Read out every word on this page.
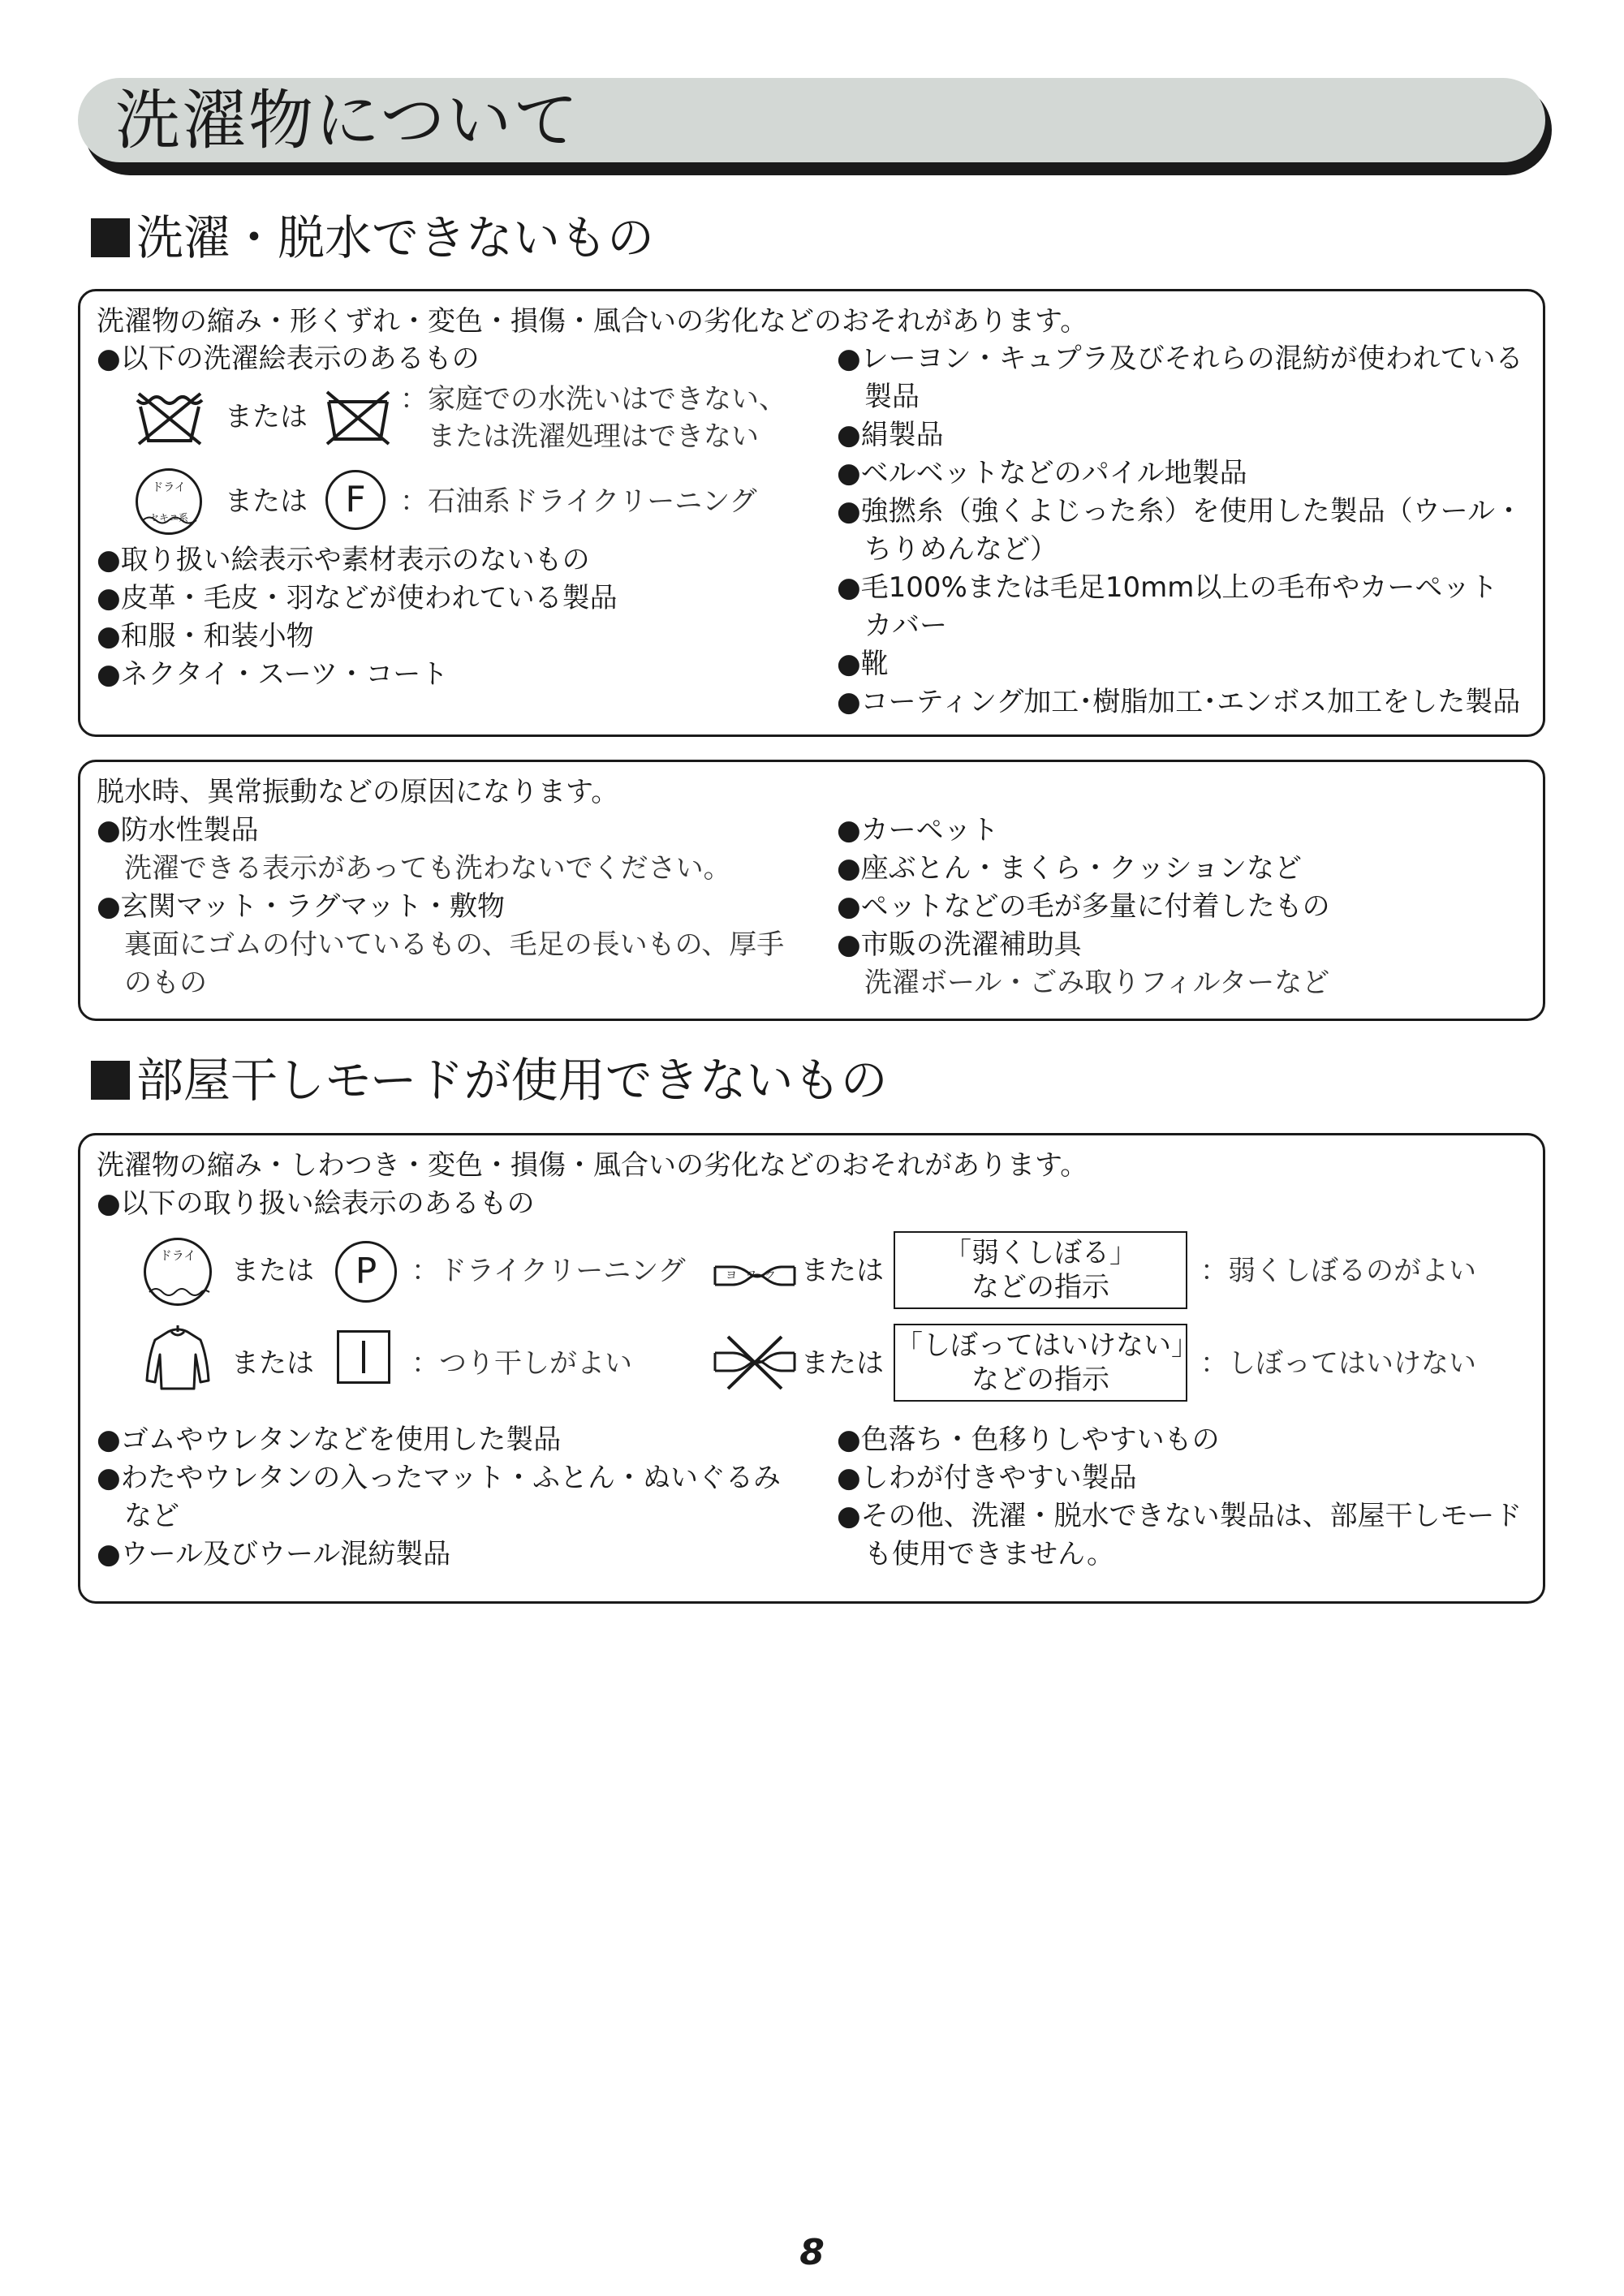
洗濯物について
洗濯・脱水できないもの
洗濯物の縮み・形くずれ・変色・損傷・風合いの劣化などのおそれがあります。
●以下の洗濯絵表示のあるもの
または
：家庭での水洗いはできない、
　または洗濯処理はできない
ドライ
セキユ系	または F ：石油系ドライクリーニング
●取り扱い絵表示や素材表示のないもの
●皮革・毛皮・羽などが使われている製品
●和服・和装小物
●ネクタイ・スーツ・コート
●レーヨン・キュプラ及びそれらの混紡が使われている
　製品
●絹製品
●ベルベットなどのパイル地製品
●強撚糸（強くよじった糸）を使用した製品（ウール・
　ちりめんなど）
●毛100%または毛足10mm以上の毛布やカーペット
　カバー
●靴
●コーティング加工･樹脂加工･エンボス加工をした製品
脱水時、異常振動などの原因になります。
●防水性製品
　洗濯できる表示があっても洗わないでください。
●玄関マット・ラグマット・敷物
　裏面にゴムの付いているもの、毛足の長いもの、厚手
　のもの
●カーペット
●座ぶとん・まくら・クッションなど
●ペットなどの毛が多量に付着したもの
●市販の洗濯補助具
　洗濯ボール・ごみ取りフィルターなど
部屋干しモードが使用できないもの
洗濯物の縮み・しわつき・変色・損傷・風合いの劣化などのおそれがあります。
●以下の取り扱い絵表示のあるもの
ドライ	または P ：ドライクリーニング	ヨワク または
「弱くしぼる」
などの指示	：弱くしぼるのがよい
または	：つり干しがよい	または
「しぼってはいけない」
などの指示	：しぼってはいけない
●ゴムやウレタンなどを使用した製品
●わたやウレタンの入ったマット・ふとん・ぬいぐるみ
　など
●ウール及びウール混紡製品
●色落ち・色移りしやすいもの
●しわが付きやすい製品
●その他、洗濯・脱水できない製品は、部屋干しモード
　も使用できません。
8
